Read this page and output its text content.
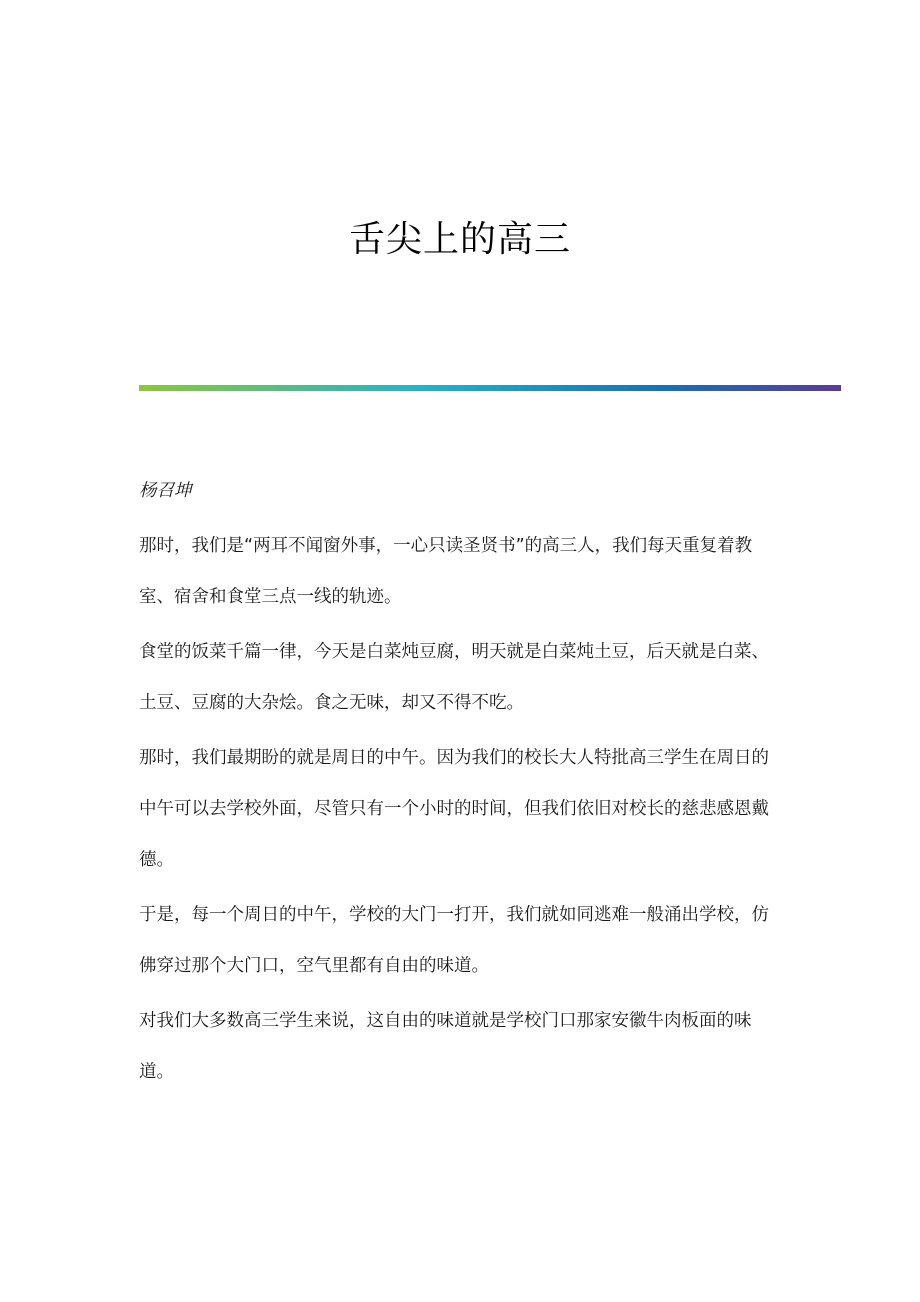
舌尖上的高三

杨召坤

那时，我们是“两耳不闻窗外事，一心只读圣贤书”的高三人，我们每天重复着教室、宿舍和食堂三点一线的轨迹。

食堂的饭菜千篇一律，今天是白菜炖豆腐，明天就是白菜炖土豆，后天就是白菜、土豆、豆腐的大杂烩。食之无味，却又不得不吃。

那时，我们最期盼的就是周日的中午。因为我们的校长大人特批高三学生在周日的中午可以去学校外面，尽管只有一个小时的时间，但我们依旧对校长的慈悲感恩戴德。

于是，每一个周日的中午，学校的大门一打开，我们就如同逃难一般涌出学校，仿佛穿过那个大门口，空气里都有自由的味道。

对我们大多数高三学生来说，这自由的味道就是学校门口那家安徽牛肉板面的味道。
